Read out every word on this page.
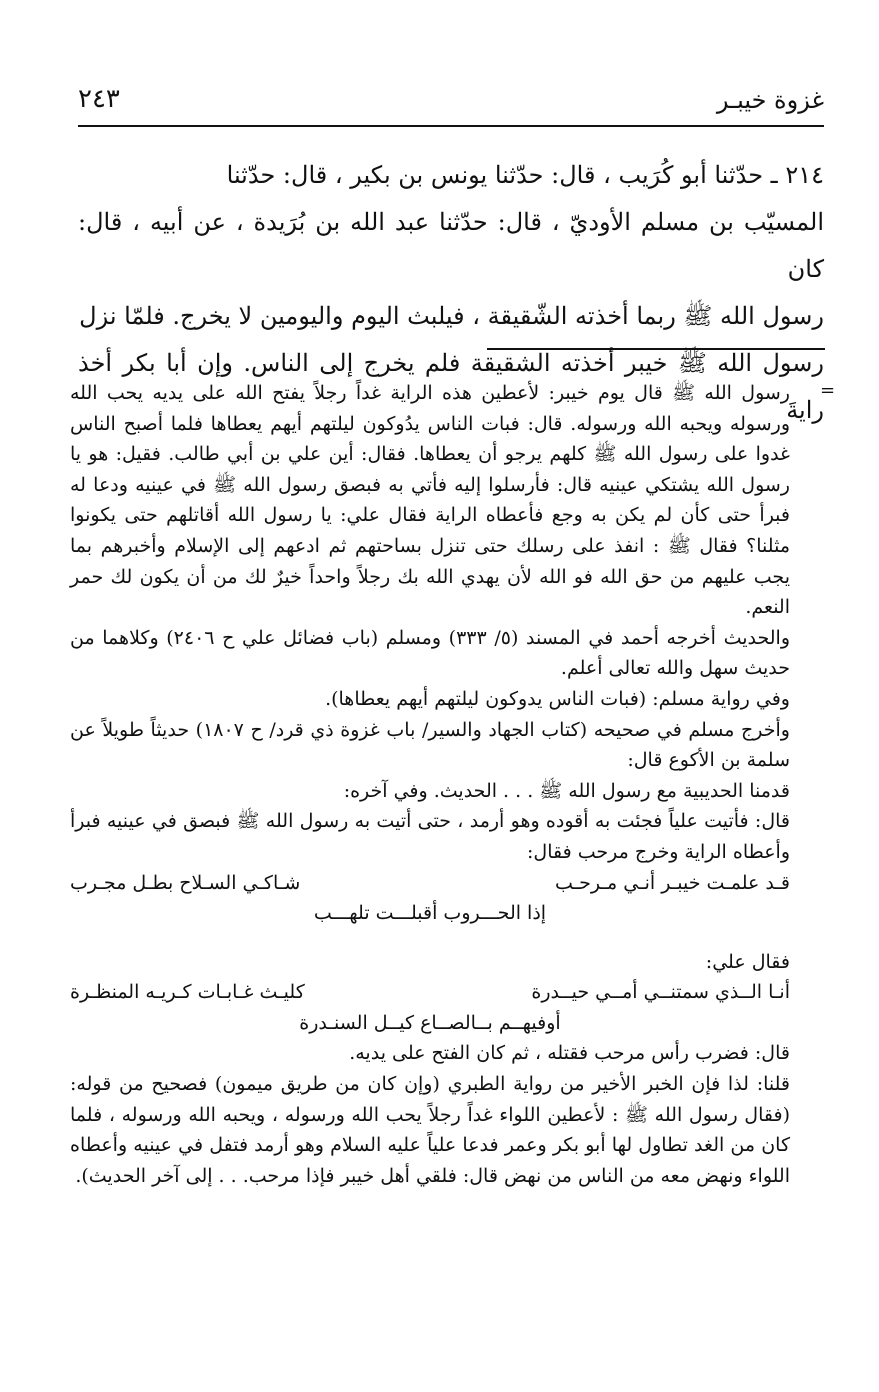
غزوة خيبـر
٢٤٣

٢١٤ ـ حدّثنا أبو كُرَيب ، قال: حدّثنا يونس بن بكير ، قال: حدّثنا

المسيّب بن مسلم الأوديّ ، قال: حدّثنا عبد الله بن بُرَيدة ، عن أبيه ، قال: كان

رسول الله ﷺ ربما أخذته الشّقيقة ، فيلبث اليوم واليومين لا يخرج. فلمّا نزل

رسول الله ﷺ خيبر أخذته الشقيقة فلم يخرج إلى الناس. وإن أبا بكر أخذ رايةَ

=

رسول الله ﷺ قال يوم خيبر: لأعطين هذه الراية غداً رجلاً يفتح الله على يديه يحب الله ورسوله ويحبه الله ورسوله. قال: فبات الناس يدُوكون ليلتهم أيهم يعطاها فلما أصبح الناس غدوا على رسول الله ﷺ كلهم يرجو أن يعطاها. فقال: أين علي بن أبي طالب. فقيل: هو يا رسول الله يشتكي عينيه قال: فأرسلوا إليه فأتي به فبصق رسول الله ﷺ في عينيه ودعا له فبرأ حتى كأن لم يكن به وجع فأعطاه الراية فقال علي: يا رسول الله أقاتلهم حتى يكونوا مثلنا؟ فقال ﷺ : انفذ على رسلك حتى تنزل بساحتهم ثم ادعهم إلى الإسلام وأخبرهم بما يجب عليهم من حق الله فو الله لأن يهدي الله بك رجلاً واحداً خيرٌ لك من أن يكون لك حمر النعم.

والحديث أخرجه أحمد في المسند (٥/ ٣٣٣) ومسلم (باب فضائل علي ح ٢٤٠٦) وكلاهما من حديث سهل والله تعالى أعلم.

وفي رواية مسلم: (فبات الناس يدوكون ليلتهم أيهم يعطاها).

وأخرج مسلم في صحيحه (كتاب الجهاد والسير/ باب غزوة ذي قرد/ ح ١٨٠٧) حديثاً طويلاً عن سلمة بن الأكوع قال:

قدمنا الحديبية مع رسول الله ﷺ . . . الحديث. وفي آخره:

قال: فأتيت علياً فجئت به أقوده وهو أرمد ، حتى أتيت به رسول الله ﷺ فبصق في عينيه فبرأ وأعطاه الراية وخرج مرحب فقال:

قـد علمـت خيبـر أنـي مـرحـب
شـاكـي السـلاح بطـل مجـرب
إذا الحـــروب أقبلـــت تلهـــب

فقال علي:

أنـا الــذي سمتنــي أمــي حيــدرة
كليـث غـابـات كـريـه المنظـرة
أوفيهــم بــالصــاع كيــل السنـدرة

قال: فضرب رأس مرحب فقتله ، ثم كان الفتح على يديه.

قلنا: لذا فإن الخبر الأخير من رواية الطبري (وإن كان من طريق ميمون) فصحيح من قوله: (فقال رسول الله ﷺ : لأعطين اللواء غداً رجلاً يحب الله ورسوله ، ويحبه الله ورسوله ، فلما كان من الغد تطاول لها أبو بكر وعمر فدعا علياً عليه السلام وهو أرمد فتفل في عينيه وأعطاه اللواء ونهض معه من الناس من نهض قال: فلقي أهل خيبر فإذا مرحب. . . إلى آخر الحديث).
